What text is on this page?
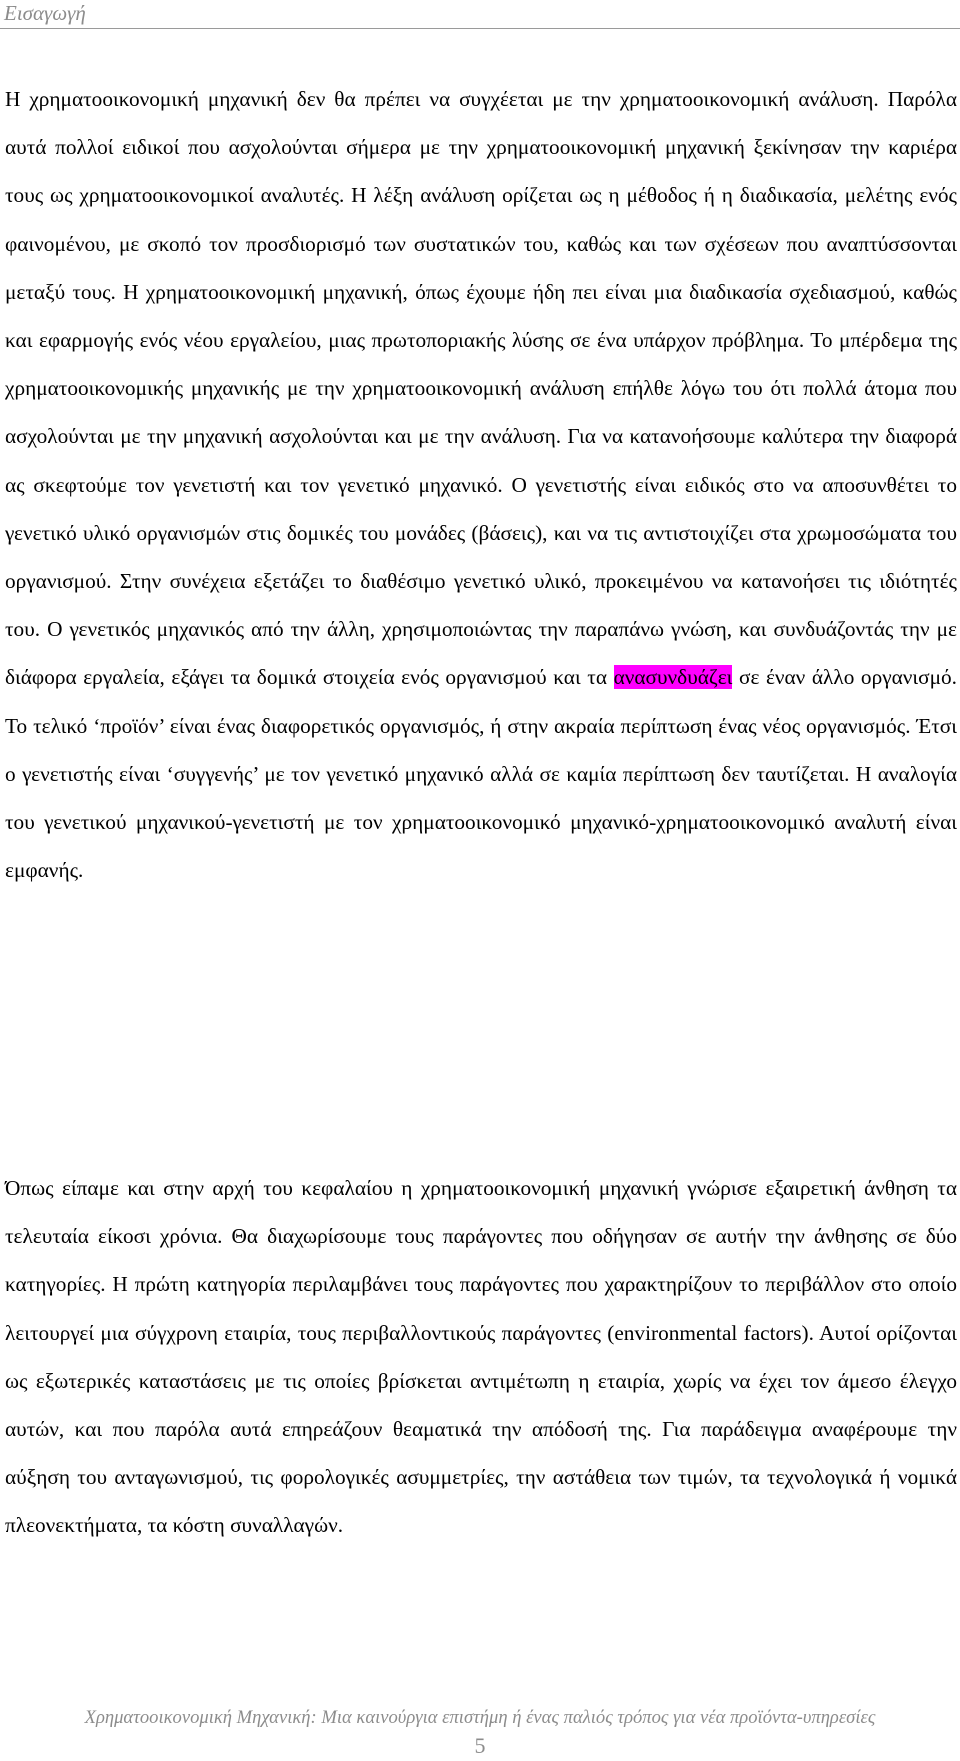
Εισαγωγή

Η χρηματοοικονομική μηχανική δεν θα πρέπει να συγχέεται με την χρηματοοικονομική ανάλυση. Παρόλα αυτά πολλοί ειδικοί που ασχολούνται σήμερα με την χρηματοοικονομική μηχανική ξεκίνησαν την καριέρα τους ως χρηματοοικονομικοί αναλυτές. Η λέξη ανάλυση ορίζεται ως η μέθοδος ή η διαδικασία, μελέτης ενός φαινομένου, με σκοπό τον προσδιορισμό των συστατικών του, καθώς και των σχέσεων που αναπτύσσονται μεταξύ τους. Η χρηματοοικονομική μηχανική, όπως έχουμε ήδη πει είναι μια διαδικασία σχεδιασμού, καθώς και εφαρμογής ενός νέου εργαλείου, μιας πρωτοποριακής λύσης σε ένα υπάρχον πρόβλημα. Το μπέρδεμα της χρηματοοικονομικής μηχανικής με την χρηματοοικονομική ανάλυση επήλθε λόγω του ότι πολλά άτομα που ασχολούνται με την μηχανική ασχολούνται και με την ανάλυση. Για να κατανοήσουμε καλύτερα την διαφορά ας σκεφτούμε τον γενετιστή και τον γενετικό μηχανικό. Ο γενετιστής είναι ειδικός στο να αποσυνθέτει το γενετικό υλικό οργανισμών στις δομικές του μονάδες (βάσεις), και να τις αντιστοιχίζει στα χρωμοσώματα του οργανισμού. Στην συνέχεια εξετάζει το διαθέσιμο γενετικό υλικό, προκειμένου να κατανοήσει τις ιδιότητές του. Ο γενετικός μηχανικός από την άλλη, χρησιμοποιώντας την παραπάνω γνώση, και συνδυάζοντάς την με διάφορα εργαλεία, εξάγει τα δομικά στοιχεία ενός οργανισμού και τα ανασυνδυάζει σε έναν άλλο οργανισμό. Το τελικό ‘προϊόν’ είναι ένας διαφορετικός οργανισμός, ή στην ακραία περίπτωση ένας νέος οργανισμός. Έτσι ο γενετιστής είναι ‘συγγενής’ με τον γενετικό μηχανικό αλλά σε καμία περίπτωση δεν ταυτίζεται. Η αναλογία του γενετικού μηχανικού-γενετιστή με τον χρηματοοικονομικό μηχανικό-χρηματοοικονομικό αναλυτή είναι εμφανής.

Όπως είπαμε και στην αρχή του κεφαλαίου η χρηματοοικονομική μηχανική γνώρισε εξαιρετική άνθηση τα τελευταία είκοσι χρόνια. Θα διαχωρίσουμε τους παράγοντες που οδήγησαν σε αυτήν την άνθησης σε δύο κατηγορίες. Η πρώτη κατηγορία περιλαμβάνει τους παράγοντες που χαρακτηρίζουν το περιβάλλον στο οποίο λειτουργεί μια σύγχρονη εταιρία, τους περιβαλλοντικούς παράγοντες (environmental factors). Αυτοί ορίζονται ως εξωτερικές καταστάσεις με τις οποίες βρίσκεται αντιμέτωπη η εταιρία, χωρίς να έχει τον άμεσο έλεγχο αυτών, και που παρόλα αυτά επηρεάζουν θεαματικά την απόδοσή της. Για παράδειγμα αναφέρουμε την αύξηση του ανταγωνισμού, τις φορολογικές ασυμμετρίες, την αστάθεια των τιμών, τα τεχνολογικά ή νομικά πλεονεκτήματα, τα κόστη συναλλαγών.

Χρηματοοικονομική Μηχανική: Μια καινούργια επιστήμη ή ένας παλιός τρόπος για νέα προϊόντα-υπηρεσίες
5
